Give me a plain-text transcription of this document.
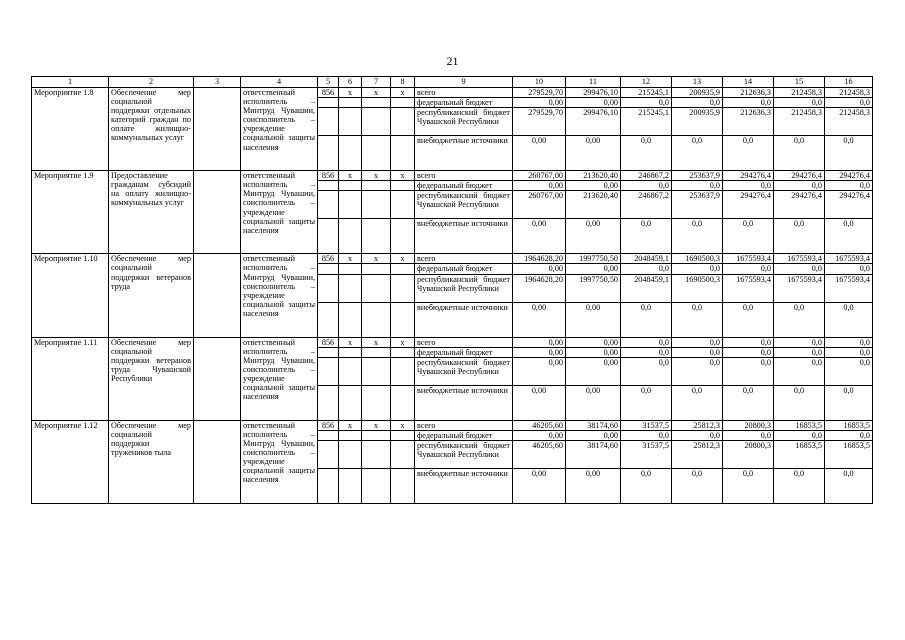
21
1	2	3	4	5	6	7	8	9	10	11	12	13	14	15	16
Мероприятие 1.8	Обеспечение мер социальной поддержки отдельных категорий граждан по оплате жилищно-коммунальных услуг		ответственный исполнитель – Минтруд Чувашии, соисполнитель – учреждение социальной защиты населения	856	x	x	x	всего	279529,70	299476,10	215245,1	200935,9	212636,3	212458,3	212458,3
								федеральный бюджет	0,00	0,00	0,0	0,0	0,0	0,0	0,0
								республиканский бюджет Чувашской Республики	279529,70	299476,10	215245,1	200935,9	212636,3	212458,3	212458,3
								внебюджетные источники	0,00	0,00	0,0	0,0	0,0	0,0	0,0
Мероприятие 1.9	Предоставление гражданам субсидий на оплату жилищно-коммунальных услуг		ответственный исполнитель – Минтруд Чувашии, соисполнитель – учреждение социальной защиты населения	856	x	x	x	всего	260767,00	213620,40	246867,2	253637,9	294276,4	294276,4	294276,4
								федеральный бюджет	0,00	0,00	0,0	0,0	0,0	0,0	0,0
								республиканский бюджет Чувашской Республики	260767,00	213620,40	246867,2	253637,9	294276,4	294276,4	294276,4
								внебюджетные источники	0,00	0,00	0,0	0,0	0,0	0,0	0,0
Мероприятие 1.10	Обеспечение мер социальной поддержки ветеранов труда		ответственный исполнитель – Минтруд Чувашии, соисполнитель – учреждение социальной защиты населения	856	x	x	x	всего	1964628,20	1997750,50	2048459,1	1690500,3	1675593,4	1675593,4	1675593,4
								федеральный бюджет	0,00	0,00	0,0	0,0	0,0	0,0	0,0
								республиканский бюджет Чувашской Республики	1964628,20	1997750,50	2048459,1	1690500,3	1675593,4	1675593,4	1675593,4
								внебюджетные источники	0,00	0,00	0,0	0,0	0,0	0,0	0,0
Мероприятие 1.11	Обеспечение мер социальной поддержки ветеранов труда Чувашской Республики		ответственный исполнитель – Минтруд Чувашии, соисполнитель – учреждение социальной защиты населения	856	x	x	x	всего	0,00	0,00	0,0	0,0	0,0	0,0	0,0
								федеральный бюджет	0,00	0,00	0,0	0,0	0,0	0,0	0,0
								республиканский бюджет Чувашской Республики	0,00	0,00	0,0	0,0	0,0	0,0	0,0
								внебюджетные источники	0,00	0,00	0,0	0,0	0,0	0,0	0,0
Мероприятие 1.12	Обеспечение мер социальной поддержки тружеников тыла		ответственный исполнитель – Минтруд Чувашии, соисполнитель – учреждение социальной защиты населения	856	x	x	x	всего	46205,60	38174,60	31537,5	25812,3	20800,3	16853,5	16853,5
								федеральный бюджет	0,00	0,00	0,0	0,0	0,0	0,0	0,0
								республиканский бюджет Чувашской Республики	46205,60	38174,60	31537,5	25812,3	20800,3	16853,5	16853,5
								внебюджетные источники	0,00	0,00	0,0	0,0	0,0	0,0	0,0
